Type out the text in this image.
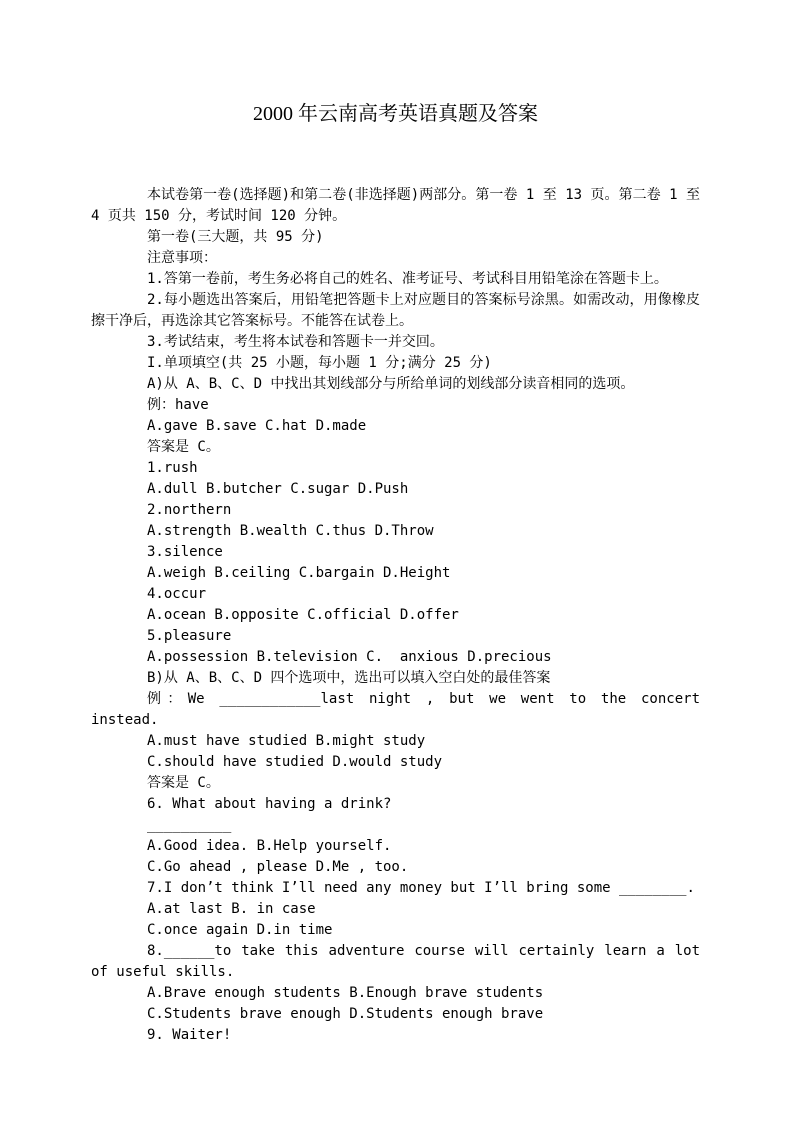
2000 年云南高考英语真题及答案

本试卷第一卷(选择题)和第二卷(非选择题)两部分。第一卷 1 至 13 页。第二卷 1 至 4 页共 150 分，考试时间 120 分钟。

第一卷(三大题，共 95 分)

注意事项：

1.答第一卷前，考生务必将自己的姓名、准考证号、考试科目用铅笔涂在答题卡上。

2.每小题选出答案后，用铅笔把答题卡上对应题目的答案标号涂黑。如需改动，用像橡皮擦干净后，再选涂其它答案标号。不能答在试卷上。

3.考试结束，考生将本试卷和答题卡一并交回。

I.单项填空(共 25 小题，每小题 1 分;满分 25 分)

A)从 A、B、C、D 中找出其划线部分与所给单词的划线部分读音相同的选项。

例：have

A.gave B.save C.hat D.made

答案是 C。

1.rush

A.dull B.butcher C.sugar D.Push

2.northern

A.strength B.wealth C.thus D.Throw

3.silence

A.weigh B.ceiling C.bargain D.Height

4.occur

A.ocean B.opposite C.official D.offer

5.pleasure

A.possession B.television C.  anxious D.precious

B)从 A、B、C、D 四个选项中，选出可以填入空白处的最佳答案

例：We ____________last night , but we went to the concert instead.

A.must have studied B.might study

C.should have studied D.would study

答案是 C。

6. What about having a drink?

__________

A.Good idea. B.Help yourself.

C.Go ahead , please D.Me , too.

7.I don’t think I’ll need any money but I’ll bring some ________.

A.at last B. in case

C.once again D.in time

8.______to take this adventure course will certainly learn a lot of useful skills.

A.Brave enough students B.Enough brave students

C.Students brave enough D.Students enough brave

9. Waiter!
